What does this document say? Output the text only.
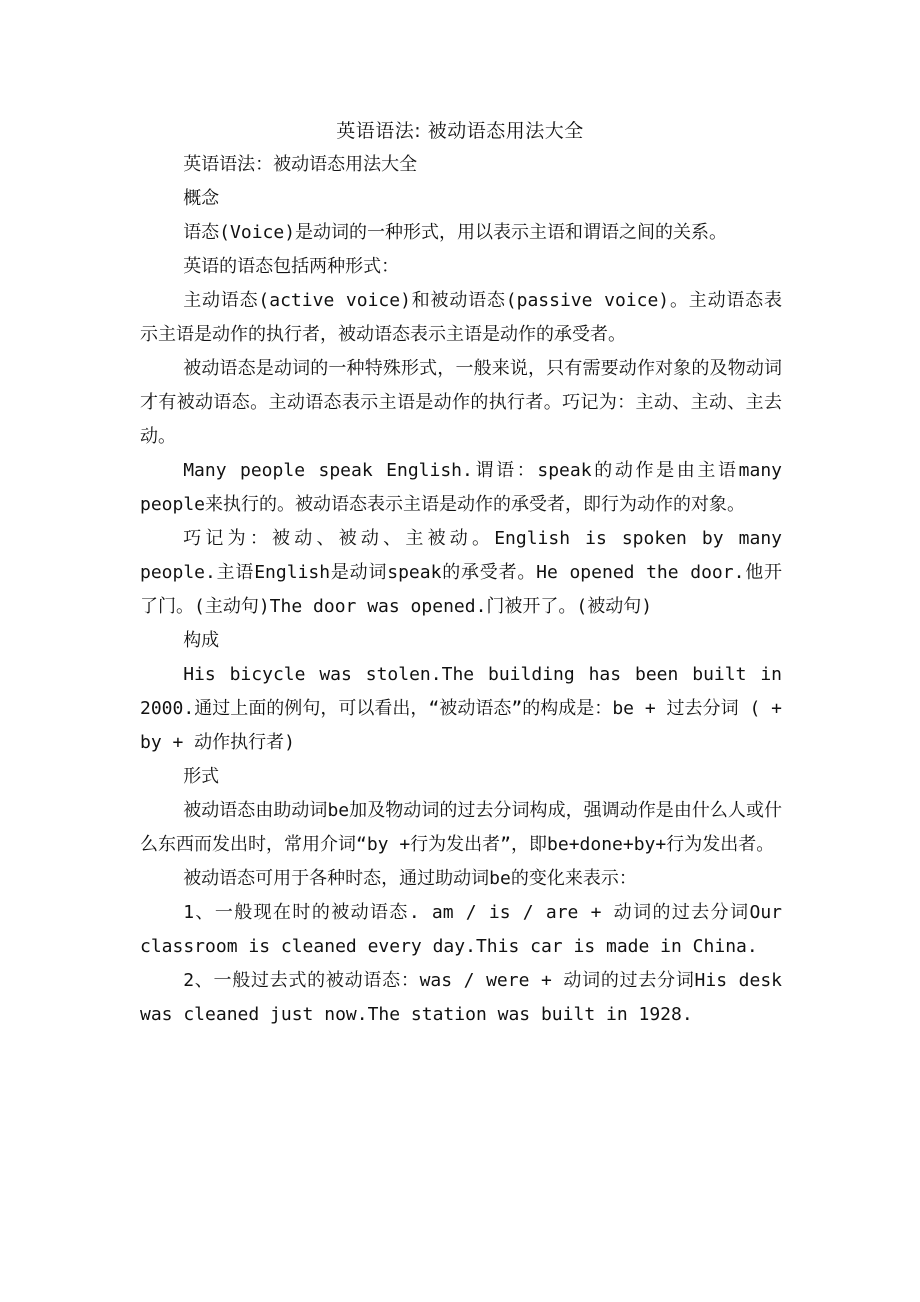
英语语法: 被动语态用法大全

英语语法：被动语态用法大全

概念

语态(Voice)是动词的一种形式，用以表示主语和谓语之间的关系。

英语的语态包括两种形式：

主动语态(active voice)和被动语态(passive voice)。主动语态表示主语是动作的执行者，被动语态表示主语是动作的承受者。

被动语态是动词的一种特殊形式，一般来说，只有需要动作对象的及物动词才有被动语态。主动语态表示主语是动作的执行者。巧记为：主动、主动、主去动。

Many people speak English.谓语：speak的动作是由主语many people来执行的。被动语态表示主语是动作的承受者，即行为动作的对象。

巧记为：被动、被动、主被动。English is spoken by many people.主语English是动词speak的承受者。He opened the door.他开了门。(主动句)The door was opened.门被开了。(被动句)

构成

His bicycle was stolen.The building has been built in 2000.通过上面的例句，可以看出，“被动语态”的构成是：be + 过去分词 ( + by + 动作执行者)

形式

被动语态由助动词be加及物动词的过去分词构成，强调动作是由什么人或什么东西而发出时，常用介词“by +行为发出者”，即be+done+by+行为发出者。

被动语态可用于各种时态，通过助动词be的变化来表示：

1、一般现在时的被动语态. am / is / are + 动词的过去分词Our classroom is cleaned every day.This car is made in China.

2、一般过去式的被动语态：was / were + 动词的过去分词His desk was cleaned just now.The station was built in 1928.
